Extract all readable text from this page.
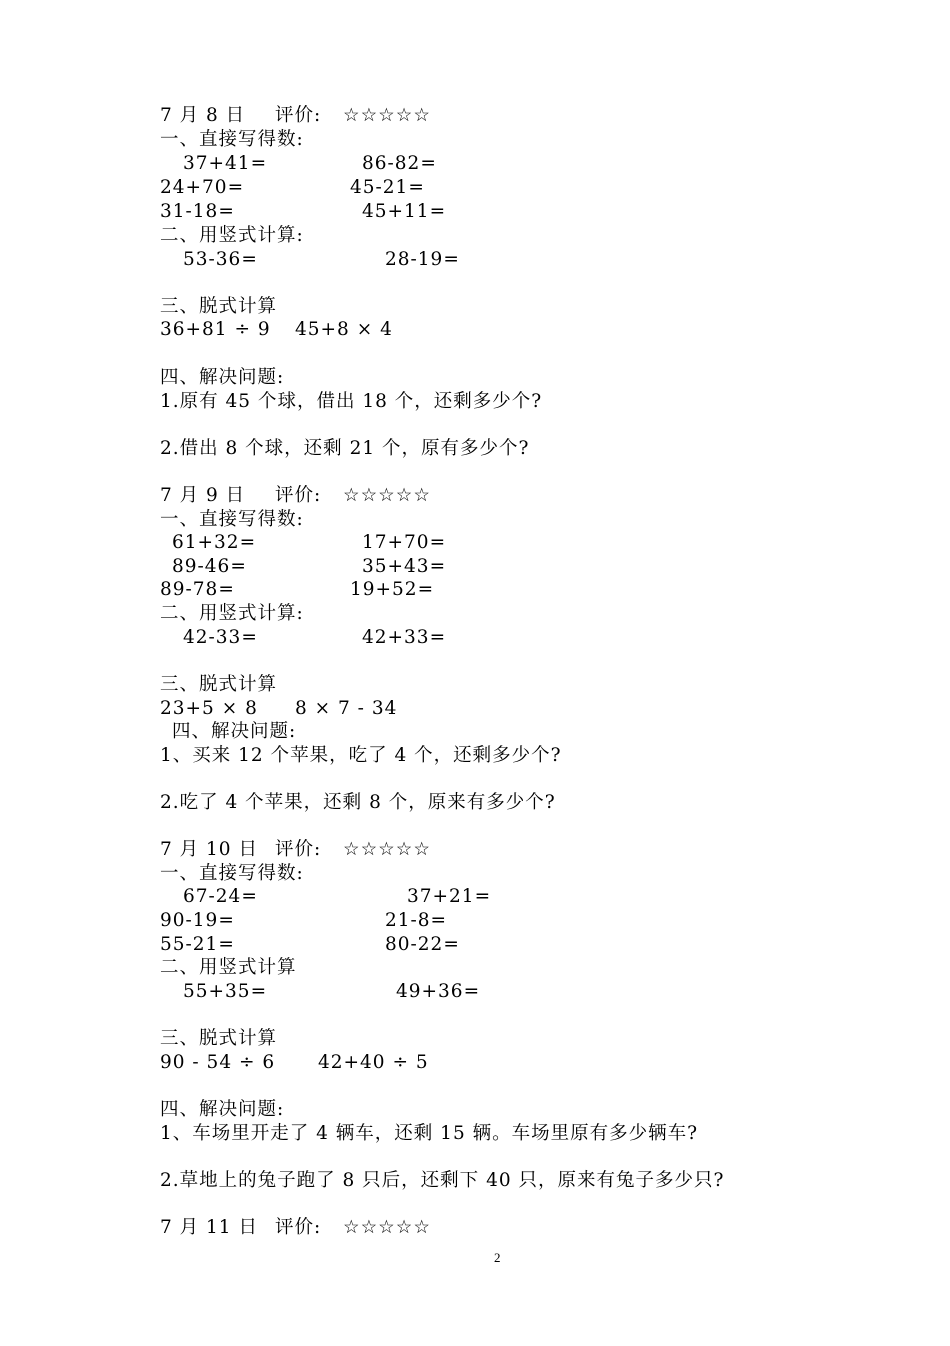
7 月 8 日 评价: ☆☆☆☆☆
一、直接写得数:
37+41=	86-82=
24+70=	45-21=
31-18=	45+11=
二、用竖式计算:
53-36=	28-19=
三、脱式计算
36+81 ÷ 9 45+8 × 4
四、解决问题:
1.原有 45 个球，借出 18 个，还剩多少个?
2.借出 8 个球，还剩 21 个，原有多少个?
7 月 9 日 评价: ☆☆☆☆☆
一、直接写得数:
61+32=	17+70=
89-46=	35+43=
89-78=	19+52=
二、用竖式计算:
42-33=	42+33=
三、脱式计算
23+5 × 8 8 × 7 - 34
四、解决问题:
1、买来 12 个苹果，吃了 4 个，还剩多少个?
2.吃了 4 个苹果，还剩 8 个，原来有多少个?
7 月 10 日 评价: ☆☆☆☆☆
一、直接写得数:
67-24=	37+21=
90-19=	21-8=
55-21=	80-22=
二、用竖式计算
55+35=	49+36=
三、脱式计算
90 - 54 ÷ 6 42+40 ÷ 5
四、解决问题:
1、车场里开走了 4 辆车，还剩 15 辆。车场里原有多少辆车?
2.草地上的兔子跑了 8 只后，还剩下 40 只，原来有兔子多少只?
7 月 11 日 评价: ☆☆☆☆☆
2
